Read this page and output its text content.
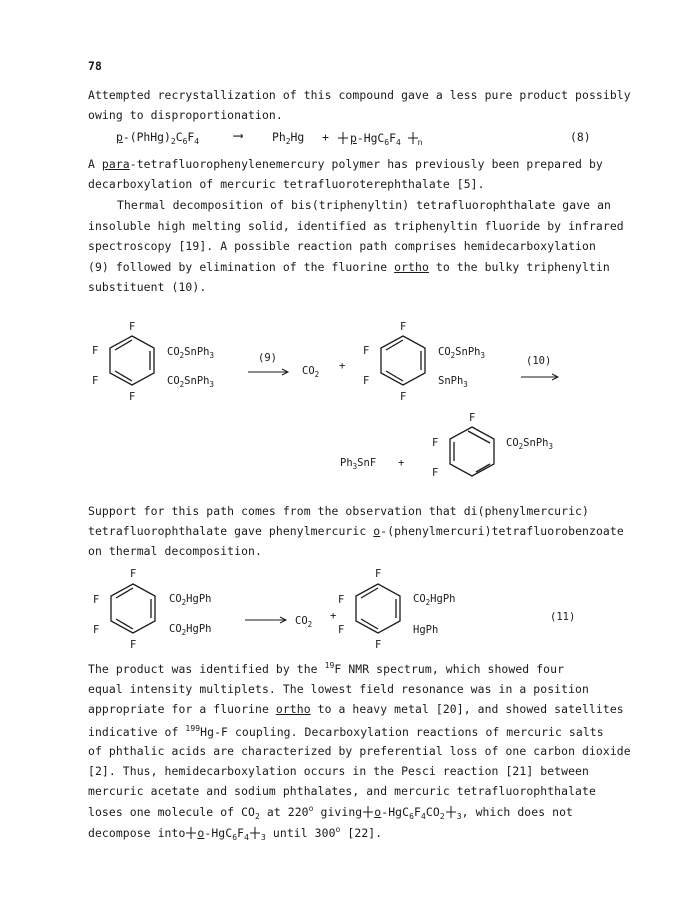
78
Attempted recrystallization of this compound gave a less pure product possibly
owing to disproportionation.
$p-(PhHg)_2C_6F_4$ ⟶	$Ph_2Hg$ +	$p-HgC_6F_4$ $_n$	(8)
A para-tetrafluorophenylenemercury polymer has previously been prepared by
decarboxylation of mercuric tetrafluoroterephthalate [5].
Thermal decomposition of bis(triphenyltin) tetrafluorophthalate gave an
insoluble high melting solid, identified as triphenyltin fluoride by infrared
spectroscopy [19]. A possible reaction path comprises hemidecarboxylation
(9) followed by elimination of the fluorine ortho to the bulky triphenyltin
substituent (10).
F
F
F
F
$CO_2SnPh_3$
$CO_2SnPh_3$
(9)
$CO_2$
+
F
F
F
F
$CO_2SnPh_3$
SnPh$_3$
(10)
$Ph_3SnF$ +
F
F
F
$CO_2SnPh_3$
Support for this path comes from the observation that di(phenylmercuric)
tetrafluorophthalate gave phenylmercuric o-(phenylmercuri)tetrafluorobenzoate
on thermal decomposition.
F
F
F
F
$CO_2HgPh$
$CO_2HgPh$
$CO_2$
+
F
F
F
F
$CO_2HgPh$
HgPh
(11)
The product was identified by the $^{19}$F NMR spectrum, which showed four
equal intensity multiplets. The lowest field resonance was in a position
appropriate for a fluorine ortho to a heavy metal [20], and showed satellites
indicative of $^{199}$Hg-F coupling. Decarboxylation reactions of mercuric salts
of phthalic acids are characterized by preferential loss of one carbon dioxide
[2]. Thus, hemidecarboxylation occurs in the Pesci reaction [21] between
mercuric acetate and sodium phthalates, and mercuric tetrafluorophthalate
loses one molecule of $CO_2$ at 220$^o$ giving $o-HgC_6F_4CO_2$ $_3$, which does not
decompose into $o-HgC_6F_4$ $_3$ until 300$^o$ [22].
